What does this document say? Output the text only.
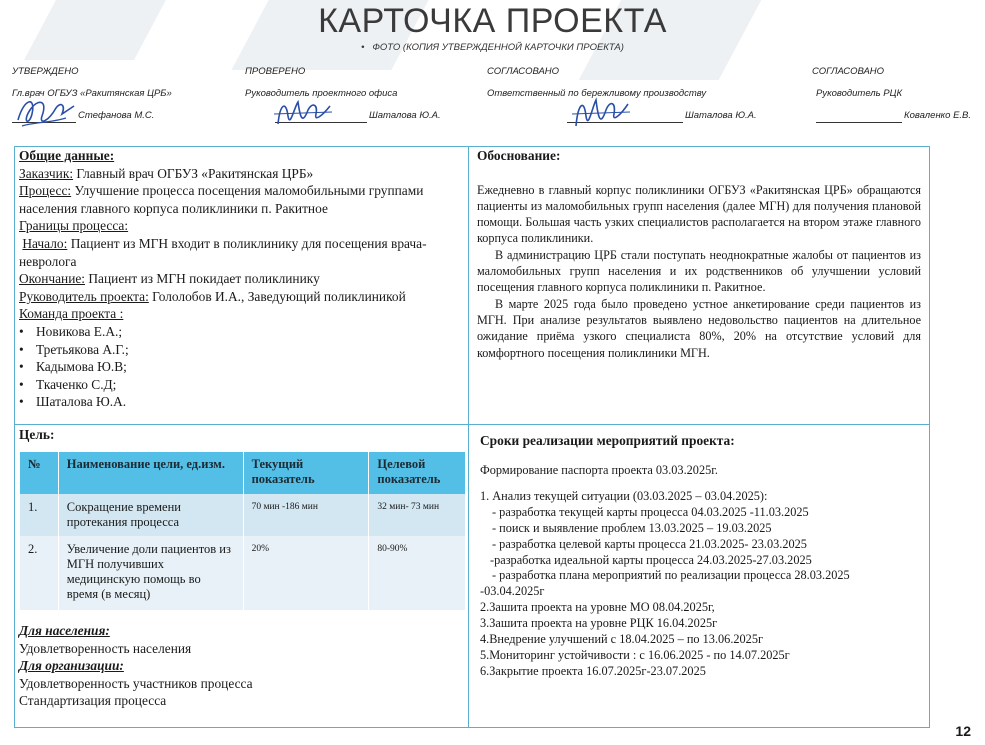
КАРТОЧКА ПРОЕКТА
•   ФОТО (КОПИЯ УТВЕРЖДЕННОЙ КАРТОЧКИ ПРОЕКТА)
УТВЕРЖДЕНО
Гл.врач ОГБУЗ «Ракитянская ЦРБ»
Стефанова М.С.
ПРОВЕРЕНО
Руководитель проектного офиса
Шаталова Ю.А.
СОГЛАСОВАНО
Ответственный по бережливому производству
Шаталова Ю.А.
СОГЛАСОВАНО
Руководитель РЦК
Коваленко Е.В.
Общие данные:
Заказчик: Главный врач ОГБУЗ «Ракитянская ЦРБ»
Процесс: Улучшение процесса посещения маломобильными группами населения главного корпуса поликлиники п. Ракитное
Границы процесса:
Начало: Пациент из МГН входит в поликлинику для посещения врача-невролога
Окончание: Пациент из МГН покидает поликлинику
Руководитель проекта: Гололобов И.А., Заведующий поликлиникой
Команда проекта :
• Новикова Е.А.;
• Третьякова А.Г.;
• Кадымова Ю.В;
• Ткаченко С.Д;
• Шаталова Ю.А.
Обоснование:
Ежедневно в главный корпус поликлиники ОГБУЗ «Ракитянская ЦРБ» обращаются пациенты из маломобильных групп населения (далее МГН) для получения плановой помощи. Большая часть узких специалистов располагается на втором этаже главного корпуса поликлиники.
В администрацию ЦРБ стали поступать неоднократные жалобы от пациентов из маломобильных групп населения и их родственников об улучшении условий посещения главного корпуса поликлиники п. Ракитное.
В марте 2025 года было проведено устное анкетирование среди пациентов из МГН. При анализе результатов выявлено недовольство пациентов на длительное ожидание приёма узкого специалиста 80%, 20% на отсутствие условий для комфортного посещения поликлиники МГН.
Цель:
№	Наименование цели, ед.изм.	Текущий показатель	Целевой показатель
1.	Сокращение времени протекания процесса	70 мин -186 мин	32 мин- 73 мин
2.	Увеличение доли пациентов из МГН получивших медицинскую помощь во время (в месяц)	20%	80-90%
Для населения:
Удовлетворенность населения
Для организации:
Удовлетворенность участников процесса
Стандартизация процесса
Сроки реализации мероприятий проекта:
Формирование паспорта проекта 03.03.2025г.
1. Анализ текущей ситуации (03.03.2025 – 03.04.2025):
- разработка текущей карты процесса 04.03.2025 -11.03.2025
- поиск и выявление проблем 13.03.2025 – 19.03.2025
- разработка целевой карты процесса 21.03.2025- 23.03.2025
-разработка идеальной карты процесса 24.03.2025-27.03.2025
- разработка плана мероприятий по реализации процесса 28.03.2025
-03.04.2025г
2.Зашита проекта на уровне МО 08.04.2025г,
3.Зашита проекта на уровне РЦК 16.04.2025г
4.Внедрение улучшений с 18.04.2025 – по 13.06.2025г
5.Мониторинг устойчивости : с 16.06.2025 - по 14.07.2025г
6.Закрытие проекта 16.07.2025г-23.07.2025
12
